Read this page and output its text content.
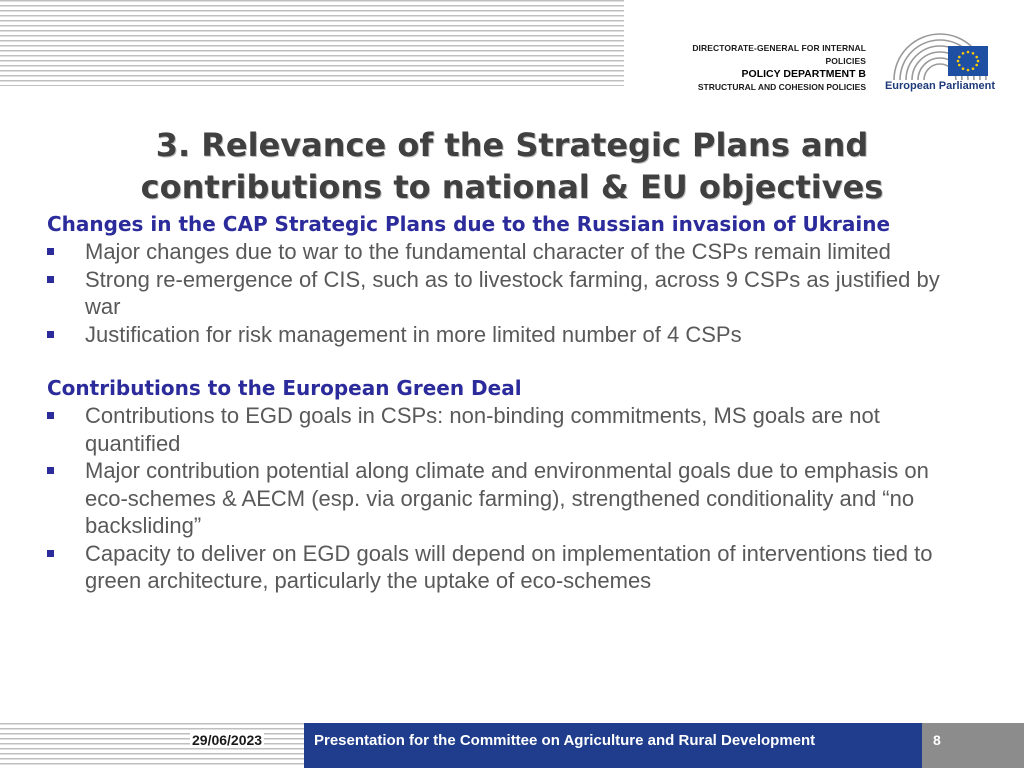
DIRECTORATE-GENERAL FOR INTERNAL POLICIES
POLICY DEPARTMENT B
STRUCTURAL AND COHESION POLICIES	European Parliament
3. Relevance of the Strategic Plans and
contributions to national & EU objectives
Changes in the CAP Strategic Plans due to the Russian invasion of Ukraine
Major changes due to war to the fundamental character of the CSPs remain limited
Strong re-emergence of CIS, such as to livestock farming, across 9 CSPs as justified by war
Justification for risk management in more limited number of 4 CSPs
Contributions to the European Green Deal
Contributions to EGD goals in CSPs: non-binding commitments, MS goals are not quantified
Major contribution potential along climate and environmental goals due to emphasis on eco-schemes & AECM (esp. via organic farming), strengthened conditionality and “no backsliding”
Capacity to deliver on EGD goals will depend on implementation of interventions tied to green architecture, particularly the uptake of eco-schemes
29/06/2023	Presentation for the Committee on Agriculture and Rural Development	8
